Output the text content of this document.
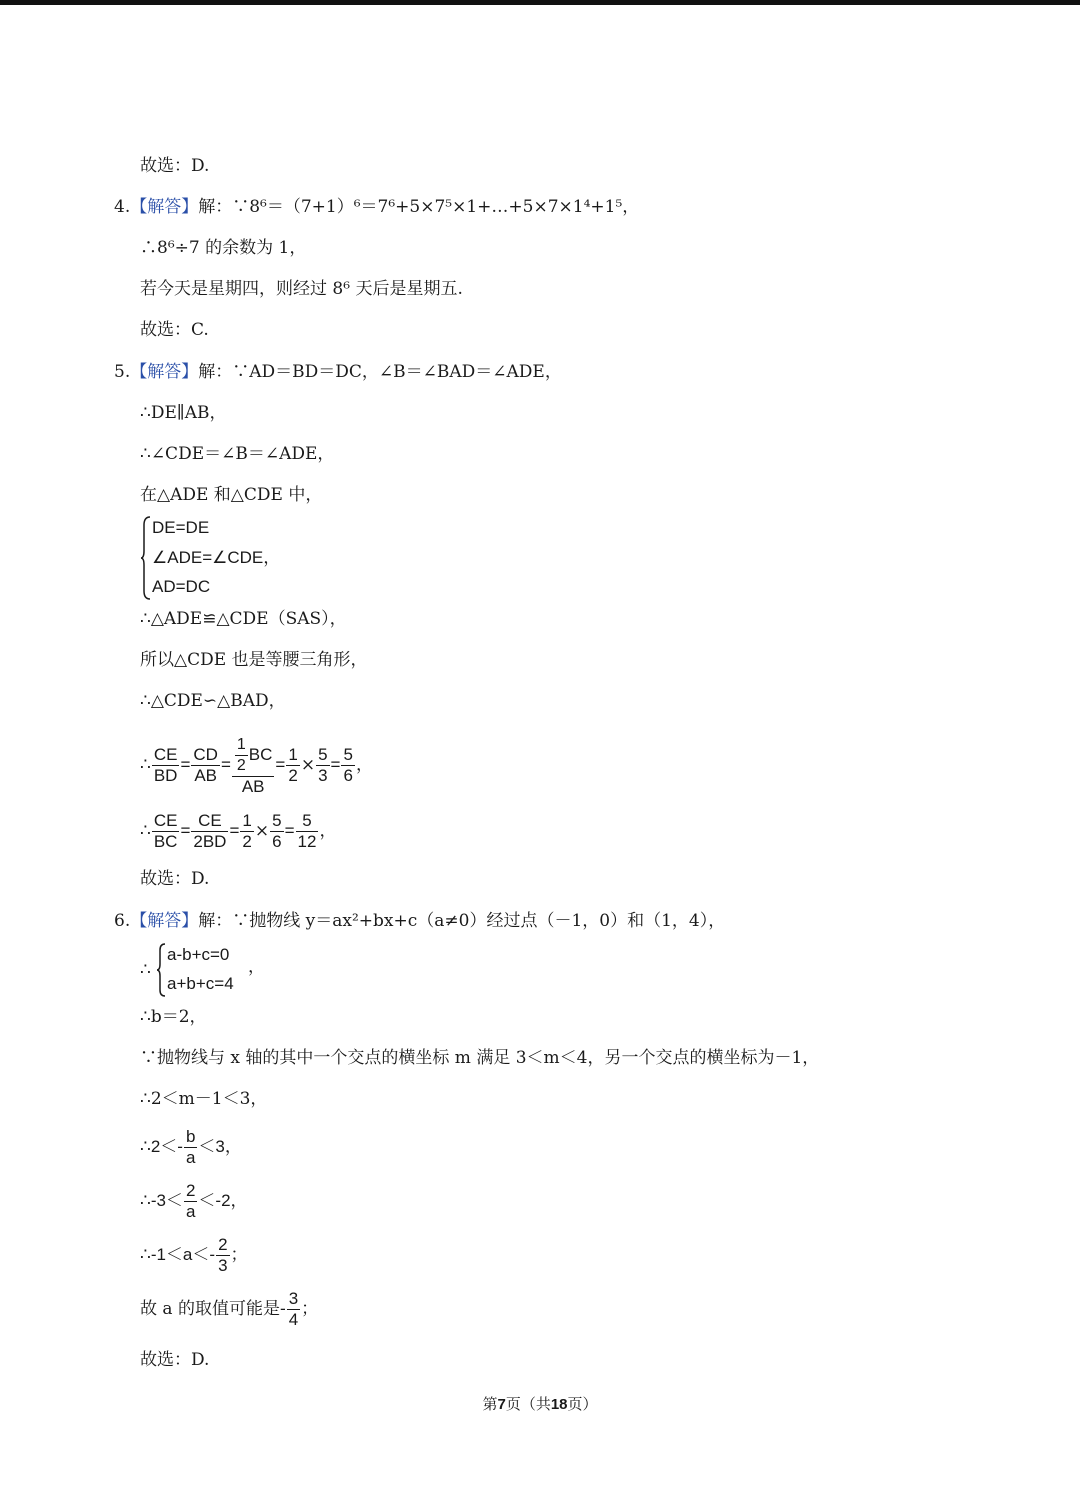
故选：D.
4.【解答】解：∵8⁶＝（7+1）⁶＝7⁶+5×7⁵×1+…+5×7×1⁴+1⁵，
∴8⁶÷7 的余数为 1，
若今天是星期四，则经过 8⁶ 天后是星期五.
故选：C.
5.【解答】解：∵AD＝BD＝DC，∠B＝∠BAD＝∠ADE，
∴DE∥AB，
∴∠CDE＝∠B＝∠ADE，
在△ADE 和△CDE 中，
DE=DE
∠ADE=∠CDE，
AD=DC
∴△ADE≌△CDE（SAS），
所以△CDE 也是等腰三角形，
∴△CDE∽△BAD，
∴ $\frac{CE}{BD} = \frac{CD}{AB} = \frac{\frac{1}{2} BC}{AB} = \frac{1}{2} \times \frac{5}{3} = \frac{5}{6}$ ，
∴ $\frac{CE}{BC} = \frac{CE}{2BD} = \frac{1}{2} \times \frac{5}{6} = \frac{5}{12}$ ，
故选：D.
6.【解答】解：∵抛物线 y＝ax²+bx+c（a≠0）经过点（－1，0）和（1，4），
∴
a-b+c=0
a+b+c=4
，
∴b＝2，
∵抛物线与 x 轴的其中一个交点的横坐标 m 满足 3＜m＜4，另一个交点的横坐标为－1，
∴2＜m－1＜3，
∴2＜- $\frac{b}{a} <3$，
∴-3＜ $\frac{2}{a} <-2$，
∴-1＜a＜- $\frac{2}{3}$ ；
故 a 的取值可能是- $\frac{3}{4}$ ；
故选：D.
第7页（共18页）
